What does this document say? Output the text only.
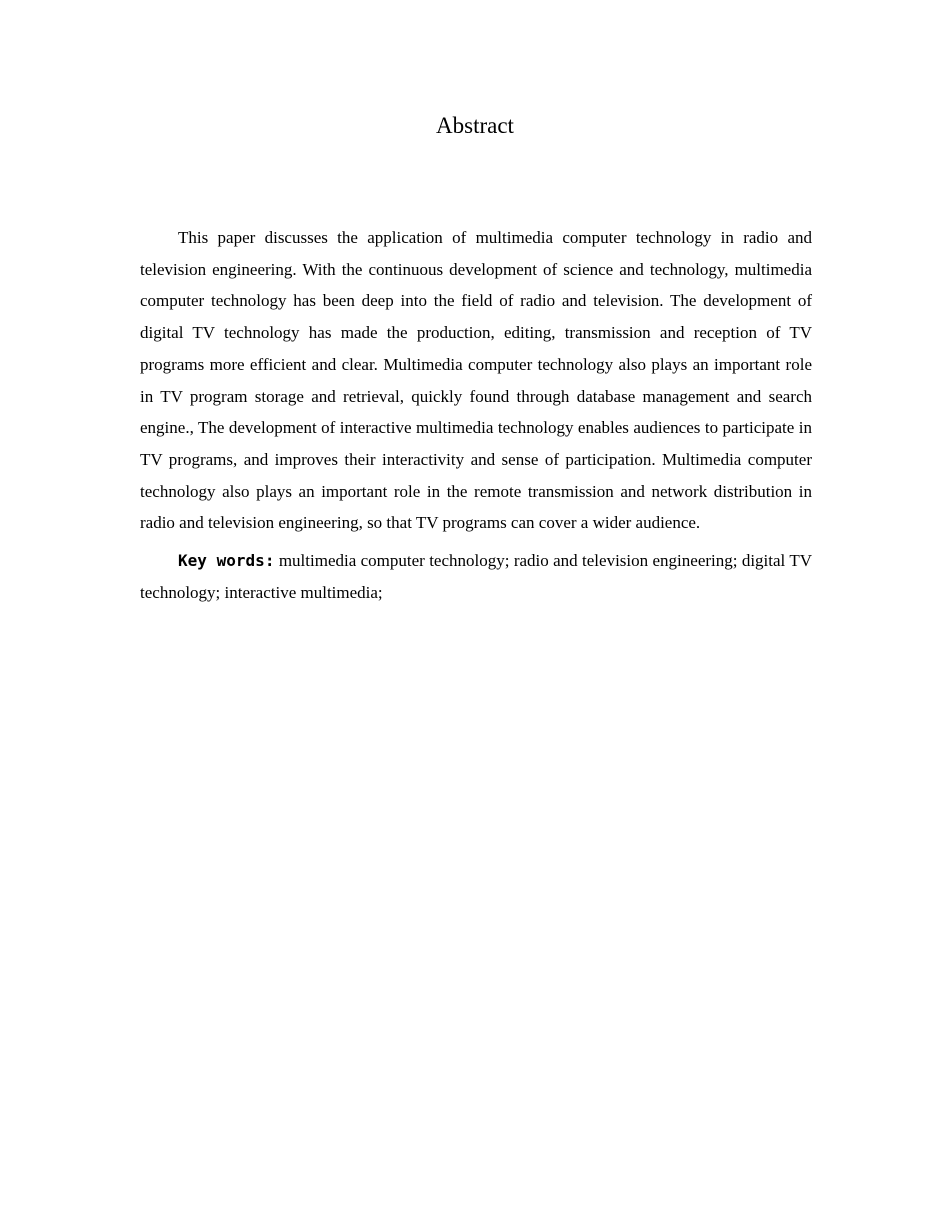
Abstract

This paper discusses the application of multimedia computer technology in radio and television engineering. With the continuous development of science and technology, multimedia computer technology has been deep into the field of radio and television. The development of digital TV technology has made the production, editing, transmission and reception of TV programs more efficient and clear. Multimedia computer technology also plays an important role in TV program storage and retrieval, quickly found through database management and search engine., The development of interactive multimedia technology enables audiences to participate in TV programs, and improves their interactivity and sense of participation. Multimedia computer technology also plays an important role in the remote transmission and network distribution in radio and television engineering, so that TV programs can cover a wider audience.

Key words: multimedia computer technology; radio and television engineering; digital TV technology; interactive multimedia;
